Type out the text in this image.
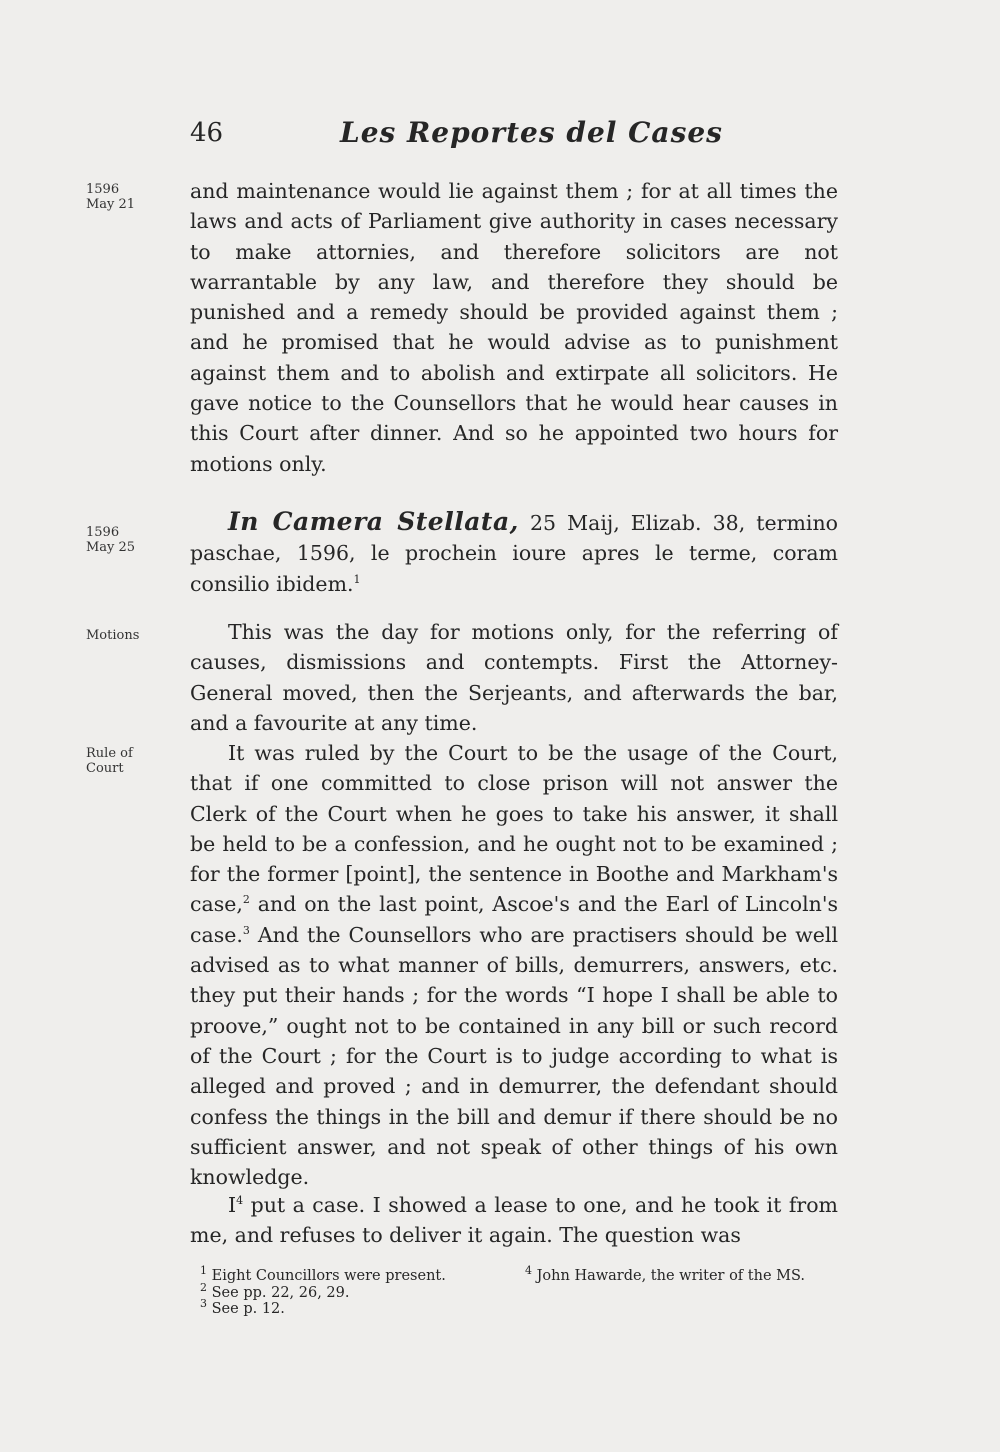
46	Les Reportes del Cases
1596
May 21
1596
May 25
Motions
Rule of
Court

and maintenance would lie against them ; for at all times the laws and acts of Parliament give authority in cases necessary to make attornies, and therefore solicitors are not warrantable by any law, and therefore they should be punished and a remedy should be provided against them ; and he promised that he would advise as to punishment against them and to abolish and extirpate all solicitors. He gave notice to the Counsellors that he would hear causes in this Court after dinner. And so he appointed two hours for motions only.

In Camera Stellata, 25 Maij, Elizab. 38, termino paschae, 1596, le prochein ioure apres le terme, coram consilio ibidem.$^1$

This was the day for motions only, for the referring of causes, dismissions and contempts. First the Attorney-General moved, then the Serjeants, and afterwards the bar, and a favourite at any time.

It was ruled by the Court to be the usage of the Court, that if one committed to close prison will not answer the Clerk of the Court when he goes to take his answer, it shall be held to be a confession, and he ought not to be examined ; for the former [point], the sentence in Boothe and Markham's case,$^2$ and on the last point, Ascoe's and the Earl of Lincoln's case.$^3$ And the Counsellors who are practisers should be well advised as to what manner of bills, demurrers, answers, etc. they put their hands ; for the words “I hope I shall be able to proove,” ought not to be contained in any bill or such record of the Court ; for the Court is to judge according to what is alleged and proved ; and in demurrer, the defendant should confess the things in the bill and demur if there should be no sufficient answer, and not speak of other things of his own knowledge.

$I^4$ put a case. I showed a lease to one, and he took it from me, and refuses to deliver it again. The question was

$^1$ Eight Councillors were present.

$^2$ See pp. 22, 26, 29.

$^3$ See p. 12.

$^4$ John Hawarde, the writer of the MS.
